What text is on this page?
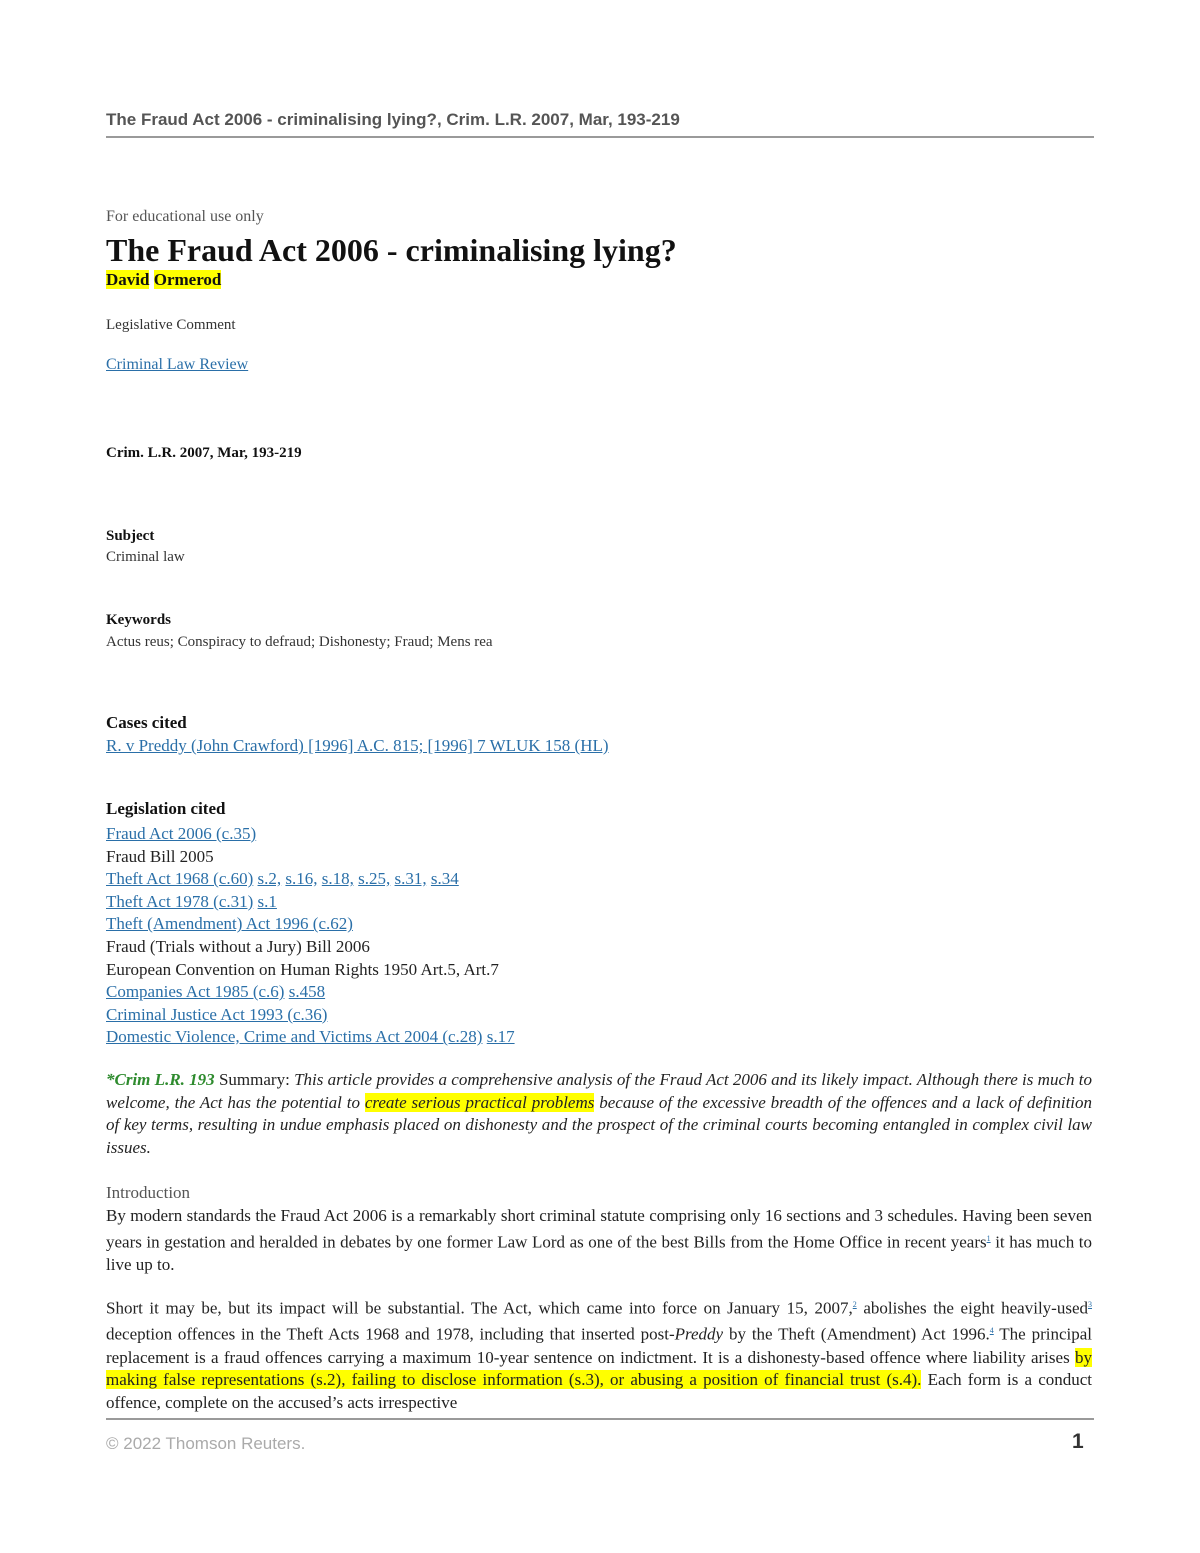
The Fraud Act 2006 - criminalising lying?, Crim. L.R. 2007, Mar, 193-219
For educational use only
The Fraud Act 2006 - criminalising lying?
David Ormerod
Legislative Comment
Criminal Law Review
Crim. L.R. 2007, Mar, 193-219
Subject
Criminal law
Keywords
Actus reus; Conspiracy to defraud; Dishonesty; Fraud; Mens rea
Cases cited
R. v Preddy (John Crawford) [1996] A.C. 815; [1996] 7 WLUK 158 (HL)
Legislation cited
Fraud Act 2006 (c.35)
Fraud Bill 2005
Theft Act 1968 (c.60) s.2, s.16, s.18, s.25, s.31, s.34
Theft Act 1978 (c.31) s.1
Theft (Amendment) Act 1996 (c.62)
Fraud (Trials without a Jury) Bill 2006
European Convention on Human Rights 1950 Art.5, Art.7
Companies Act 1985 (c.6) s.458
Criminal Justice Act 1993 (c.36)
Domestic Violence, Crime and Victims Act 2004 (c.28) s.17
*Crim L.R. 193 Summary: This article provides a comprehensive analysis of the Fraud Act 2006 and its likely impact. Although there is much to welcome, the Act has the potential to create serious practical problems because of the excessive breadth of the offences and a lack of definition of key terms, resulting in undue emphasis placed on dishonesty and the prospect of the criminal courts becoming entangled in complex civil law issues.
Introduction
By modern standards the Fraud Act 2006 is a remarkably short criminal statute comprising only 16 sections and 3 schedules. Having been seven years in gestation and heralded in debates by one former Law Lord as one of the best Bills from the Home Office in recent years$^1$ it has much to live up to.
Short it may be, but its impact will be substantial. The Act, which came into force on January 15, 2007,$^2$ abolishes the eight heavily-used$^3$ deception offences in the Theft Acts 1968 and 1978, including that inserted post-Preddy by the Theft (Amendment) Act 1996.$^4$ The principal replacement is a fraud offences carrying a maximum 10-year sentence on indictment. It is a dishonesty-based offence where liability arises by making false representations (s.2), failing to disclose information (s.3), or abusing a position of financial trust (s.4). Each form is a conduct offence, complete on the accused’s acts irrespective
© 2022 Thomson Reuters.	1
